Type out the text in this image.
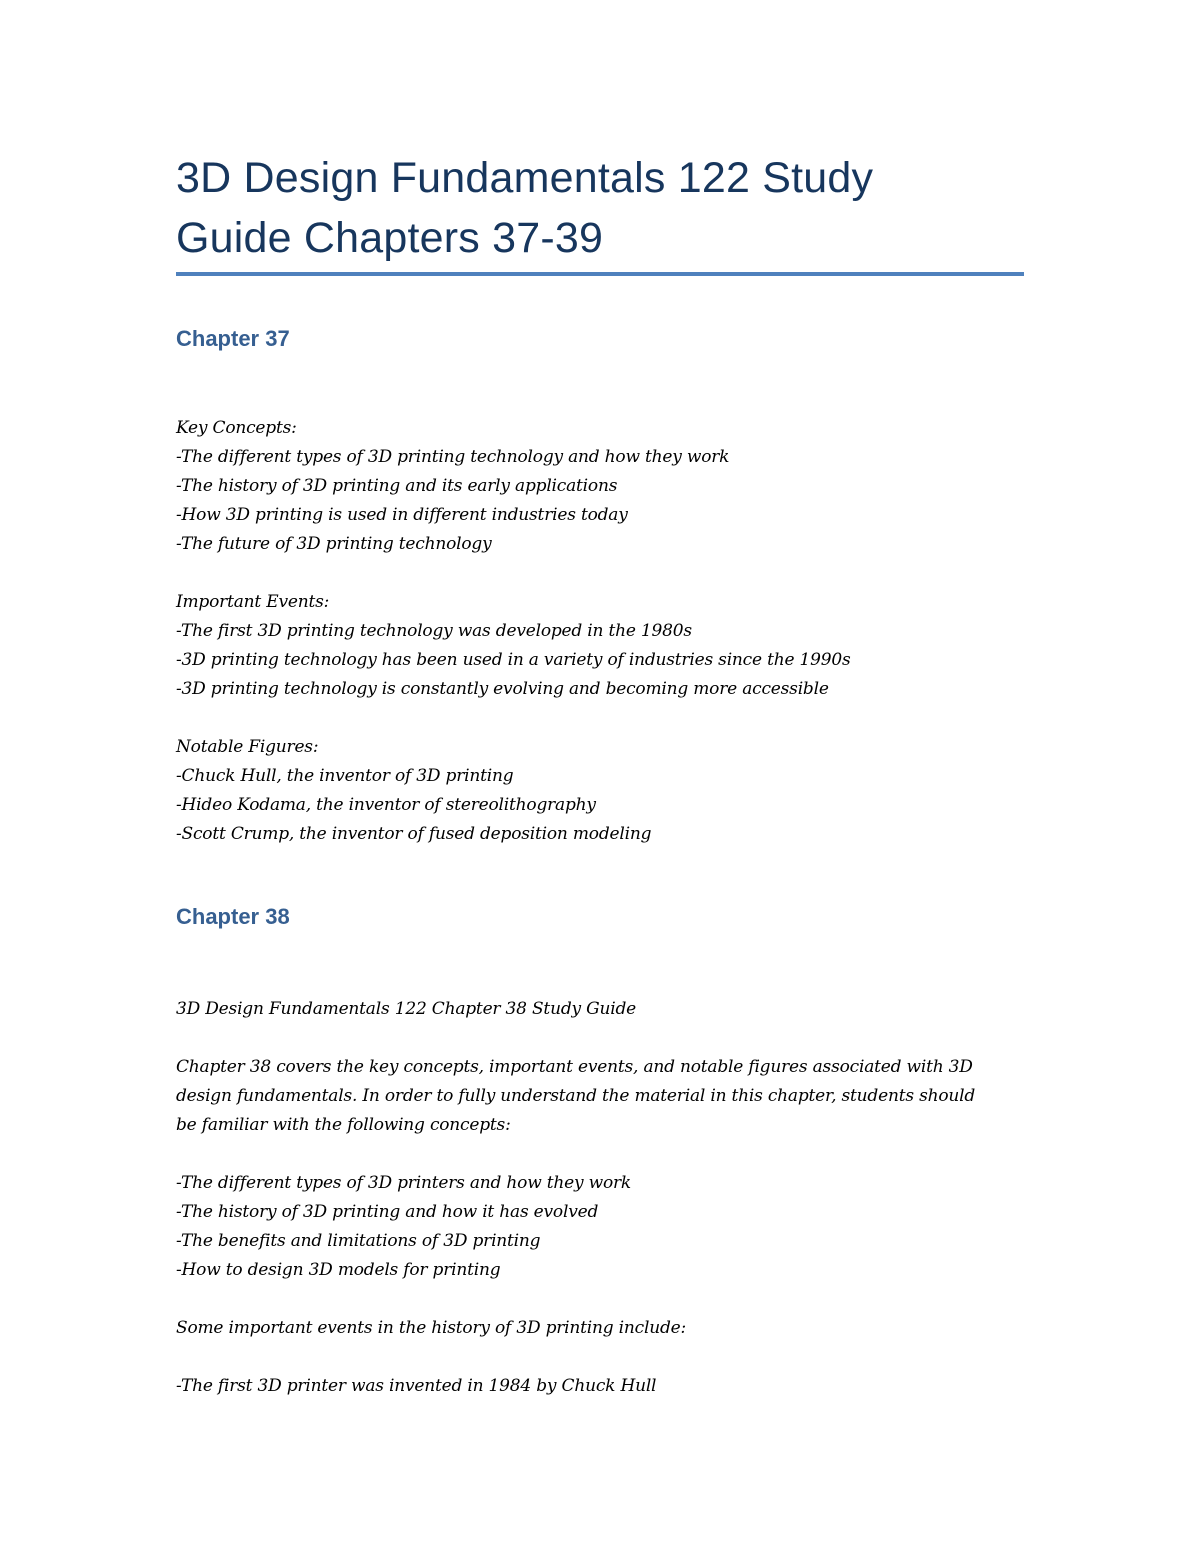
3D Design Fundamentals 122 Study
Guide Chapters 37-39
Chapter 37

Key Concepts:

-The different types of 3D printing technology and how they work

-The history of 3D printing and its early applications

-How 3D printing is used in different industries today

-The future of 3D printing technology

Important Events:

-The first 3D printing technology was developed in the 1980s

-3D printing technology has been used in a variety of industries since the 1990s

-3D printing technology is constantly evolving and becoming more accessible

Notable Figures:

-Chuck Hull, the inventor of 3D printing

-Hideo Kodama, the inventor of stereolithography

-Scott Crump, the inventor of fused deposition modeling

Chapter 38

3D Design Fundamentals 122 Chapter 38 Study Guide

Chapter 38 covers the key concepts, important events, and notable figures associated with 3D

design fundamentals. In order to fully understand the material in this chapter, students should

be familiar with the following concepts:

-The different types of 3D printers and how they work

-The history of 3D printing and how it has evolved

-The benefits and limitations of 3D printing

-How to design 3D models for printing

Some important events in the history of 3D printing include:

-The first 3D printer was invented in 1984 by Chuck Hull
